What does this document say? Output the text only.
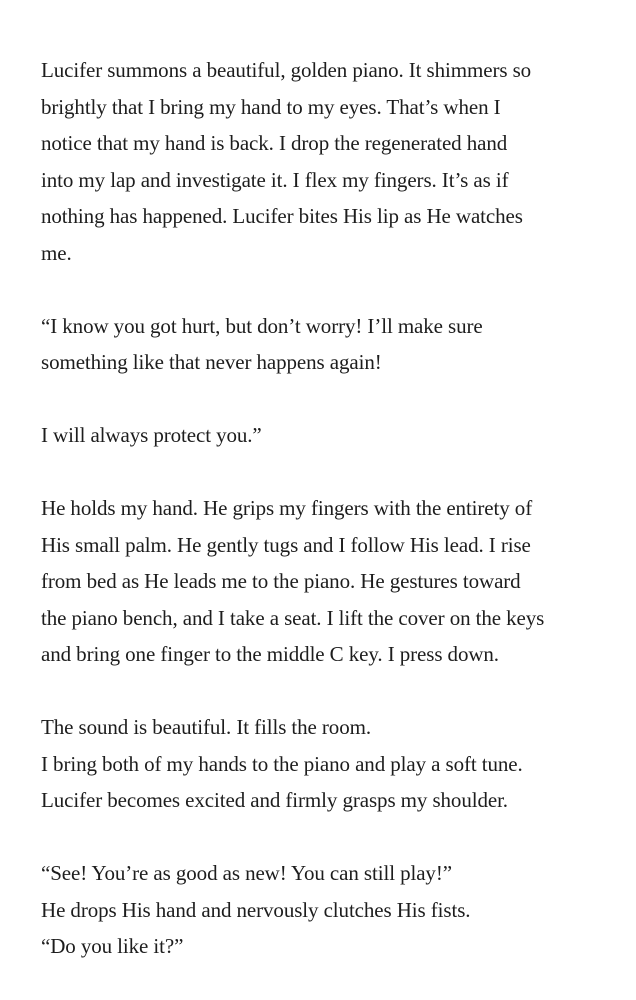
Lucifer summons a beautiful, golden piano. It shimmers so
brightly that I bring my hand to my eyes. That’s when I
notice that my hand is back. I drop the regenerated hand
into my lap and investigate it. I flex my fingers. It’s as if
nothing has happened. Lucifer bites His lip as He watches
me.

“I know you got hurt, but don’t worry! I’ll make sure
something like that never happens again!

I will always protect you.”

He holds my hand. He grips my fingers with the entirety of
His small palm. He gently tugs and I follow His lead. I rise
from bed as He leads me to the piano. He gestures toward
the piano bench, and I take a seat. I lift the cover on the keys
and bring one finger to the middle C key. I press down.

The sound is beautiful. It fills the room.
I bring both of my hands to the piano and play a soft tune.
Lucifer becomes excited and firmly grasps my shoulder.

“See! You’re as good as new! You can still play!”
He drops His hand and nervously clutches His fists.
“Do you like it?”
